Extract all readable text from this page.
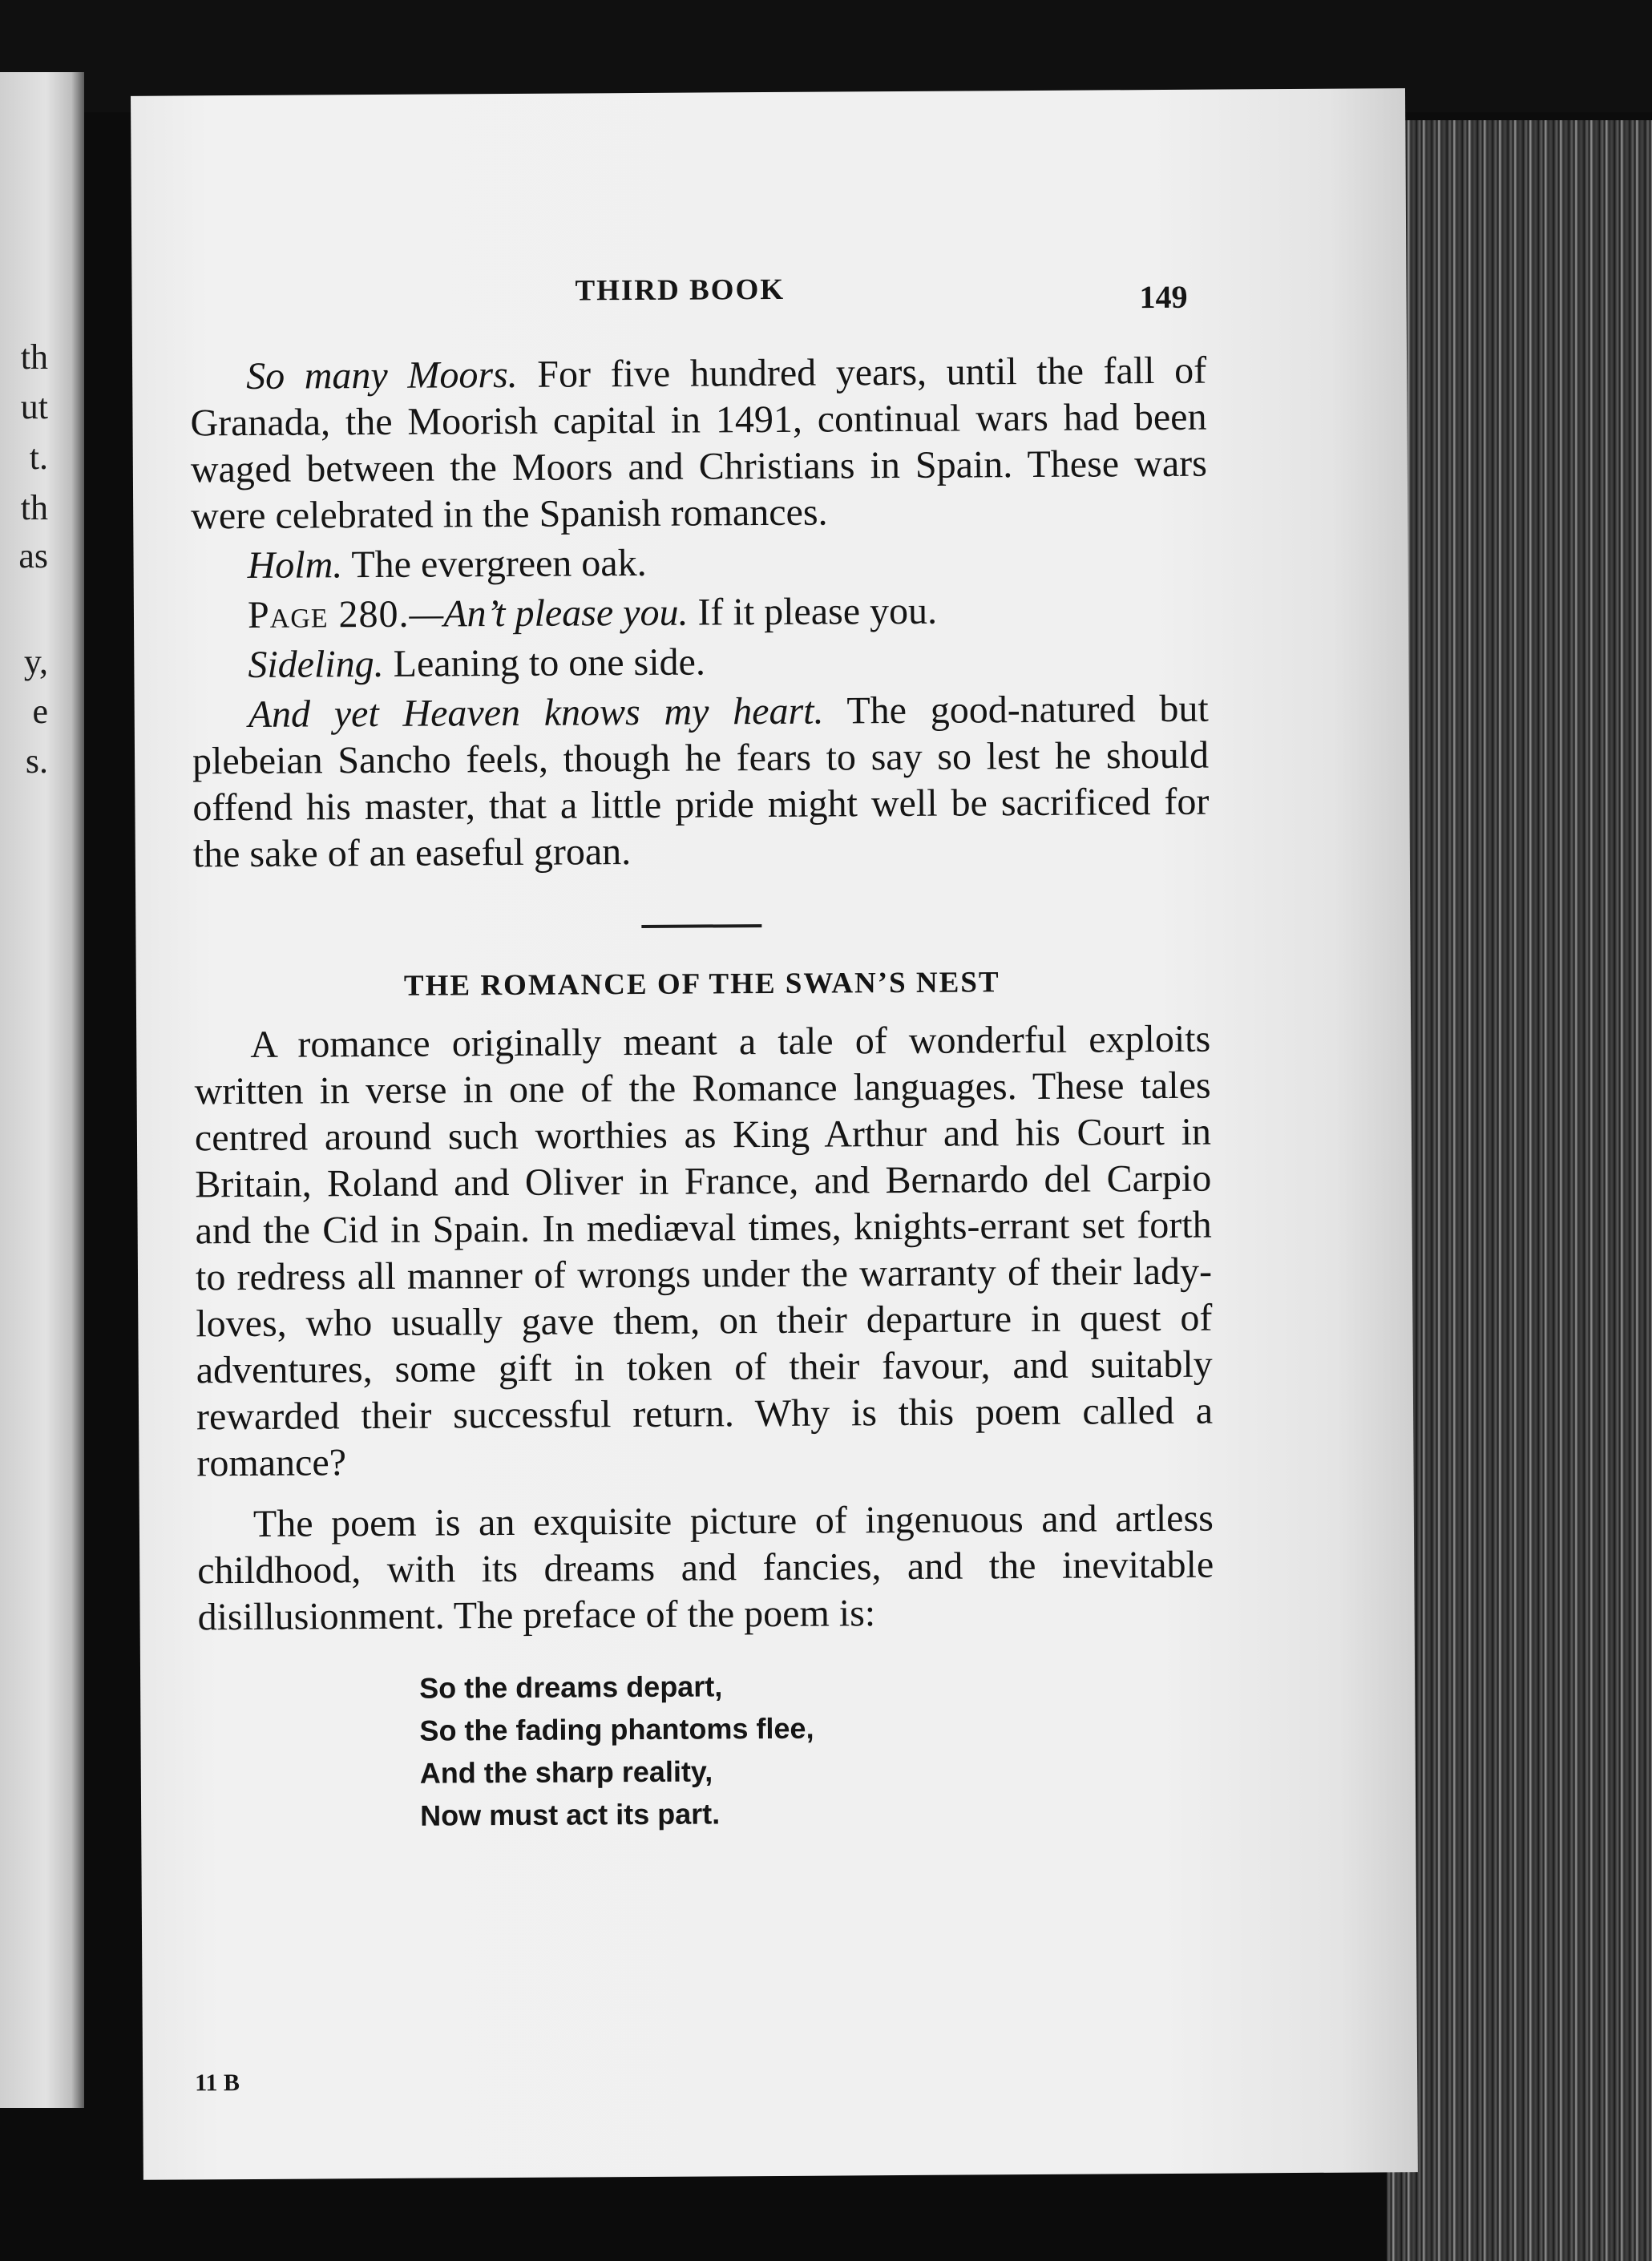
th
ut
t.
th
as
y,
e
s.
THIRD BOOK	149

So many Moors. For five hundred years, until the fall of Granada, the Moorish capital in 1491, continual wars had been waged between the Moors and Christians in Spain. These wars were celebrated in the Spanish romances.

Holm. The evergreen oak.

Page 280.—An’t please you. If it please you.

Sideling. Leaning to one side.

And yet Heaven knows my heart. The good-natured but plebeian Sancho feels, though he fears to say so lest he should offend his master, that a little pride might well be sacrificed for the sake of an easeful groan.

THE ROMANCE OF THE SWAN’S NEST

A romance originally meant a tale of wonderful exploits written in verse in one of the Romance languages. These tales centred around such worthies as King Arthur and his Court in Britain, Roland and Oliver in France, and Bernardo del Carpio and the Cid in Spain. In mediæval times, knights-errant set forth to redress all manner of wrongs under the warranty of their lady-loves, who usually gave them, on their departure in quest of adventures, some gift in token of their favour, and suitably rewarded their successful return. Why is this poem called a romance?

The poem is an exquisite picture of ingenuous and artless childhood, with its dreams and fancies, and the inevitable disillusionment. The preface of the poem is:

So the dreams depart,
So the fading phantoms flee,
And the sharp reality,
Now must act its part.
11 B
